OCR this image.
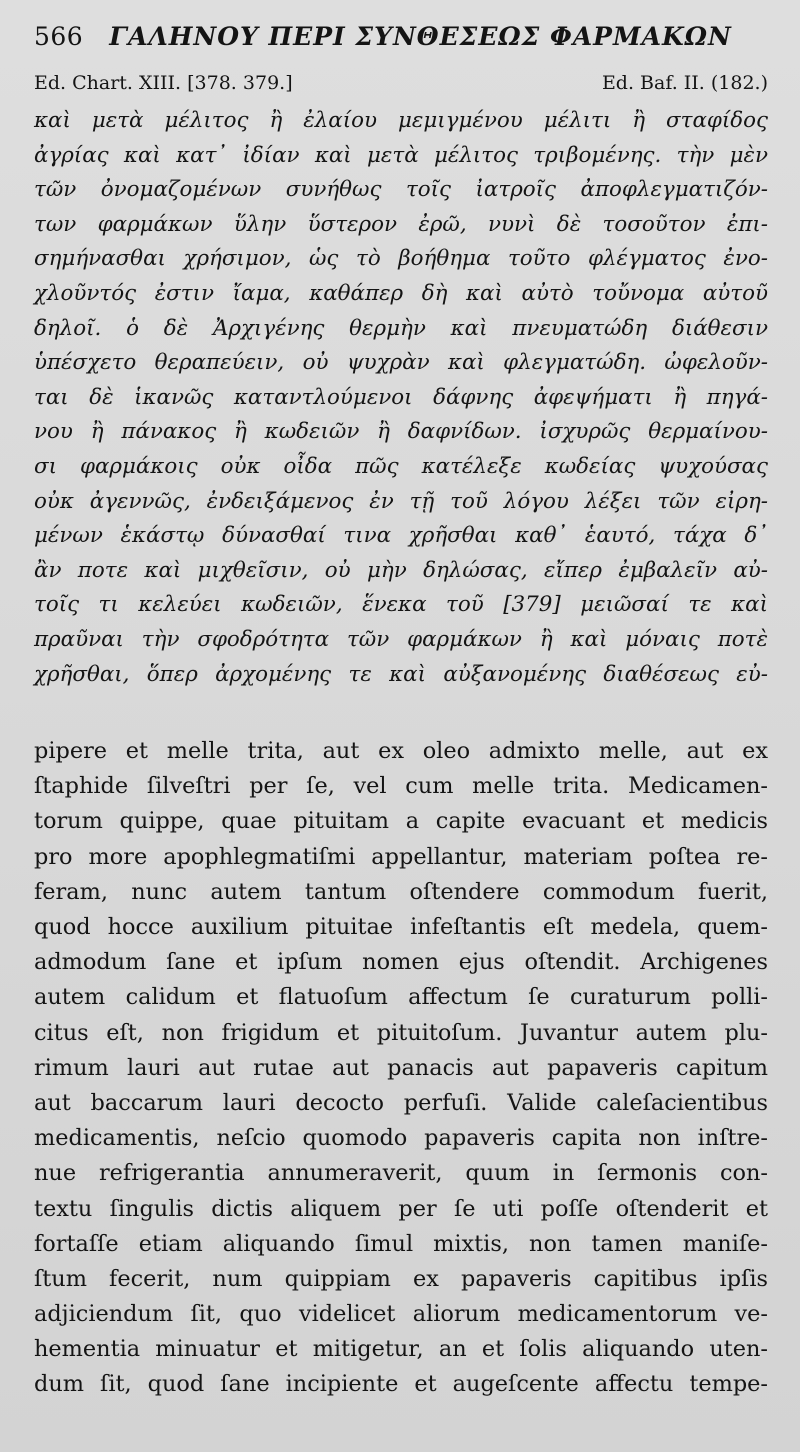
566 ΓΑΛΗΝΟΥ ΠΕΡΙ ΣΥΝΘΕΣΕΩΣ ΦΑΡΜΑΚΩΝ
Ed. Chart. XIII. [378. 379.]	Ed. Baf. II. (182.)
καὶ μετὰ μέλιτος ἢ ἐλαίου μεμιγμένου μέλιτι ἢ σταφίδος
ἀγρίας καὶ κατ᾽ ἰδίαν καὶ μετὰ μέλιτος τριβομένης. τὴν μὲν
τῶν ὀνομαζομένων συνήθως τοῖς ἰατροῖς ἀποφλεγματιζόν-
των φαρμάκων ὕλην ὕστερον ἐρῶ, νυνὶ δὲ τοσοῦτον ἐπι-
σημήνασθαι χρήσιμον, ὡς τὸ βοήθημα τοῦτο φλέγματος ἐνο-
χλοῦντός ἐστιν ἴαμα, καθάπερ δὴ καὶ αὐτὸ τοὔνομα αὐτοῦ
δηλοῖ. ὁ δὲ Ἀρχιγένης θερμὴν καὶ πνευματώδη διάθεσιν
ὑπέσχετο θεραπεύειν, οὐ ψυχρὰν καὶ φλεγματώδη. ὠφελοῦν-
ται δὲ ἱκανῶς καταντλούμενοι δάφνης ἀφεψήματι ἢ πηγά-
νου ἢ πάνακος ἢ κωδειῶν ἢ δαφνίδων. ἰσχυρῶς θερμαίνου-
σι φαρμάκοις οὐκ οἶδα πῶς κατέλεξε κωδείας ψυχούσας
οὐκ ἀγεννῶς, ἐνδειξάμενος ἐν τῇ τοῦ λόγου λέξει τῶν εἰρη-
μένων ἑκάστῳ δύνασθαί τινα χρῆσθαι καθ᾽ ἑαυτό, τάχα δ᾽
ἂν ποτε καὶ μιχθεῖσιν, οὐ μὴν δηλώσας, εἴπερ ἐμβαλεῖν αὐ-
τοῖς τι κελεύει κωδειῶν, ἕνεκα τοῦ [379] μειῶσαί τε καὶ
πραῦναι τὴν σφοδρότητα τῶν φαρμάκων ἢ καὶ μόναις ποτὲ
χρῆσθαι, ὅπερ ἀρχομένης τε καὶ αὐξανομένης διαθέσεως εὐ-
pipere et melle trita, aut ex oleo admixto melle, aut ex
ſtaphide ſilveſtri per ſe, vel cum melle trita. Medicamen-
torum quippe, quae pituitam a capite evacuant et medicis
pro more apophlegmatiſmi appellantur, materiam poſtea re-
feram, nunc autem tantum oſtendere commodum fuerit,
quod hocce auxilium pituitae infeſtantis eſt medela, quem-
admodum ſane et ipſum nomen ejus oſtendit. Archigenes
autem calidum et flatuoſum affectum ſe curaturum polli-
citus eſt, non frigidum et pituitoſum. Juvantur autem plu-
rimum lauri aut rutae aut panacis aut papaveris capitum
aut baccarum lauri decocto perfuſi. Valide caleſacientibus
medicamentis, neſcio quomodo papaveris capita non inſtre-
nue refrigerantia annumeraverit, quum in ſermonis con-
textu ſingulis dictis aliquem per ſe uti poſſe oſtenderit et
fortaſſe etiam aliquando ſimul mixtis, non tamen maniſe-
ſtum fecerit, num quippiam ex papaveris capitibus ipſis
adjiciendum ſit, quo videlicet aliorum medicamentorum ve-
hementia minuatur et mitigetur, an et ſolis aliquando uten-
dum ſit, quod ſane incipiente et augeſcente affectu tempe-
